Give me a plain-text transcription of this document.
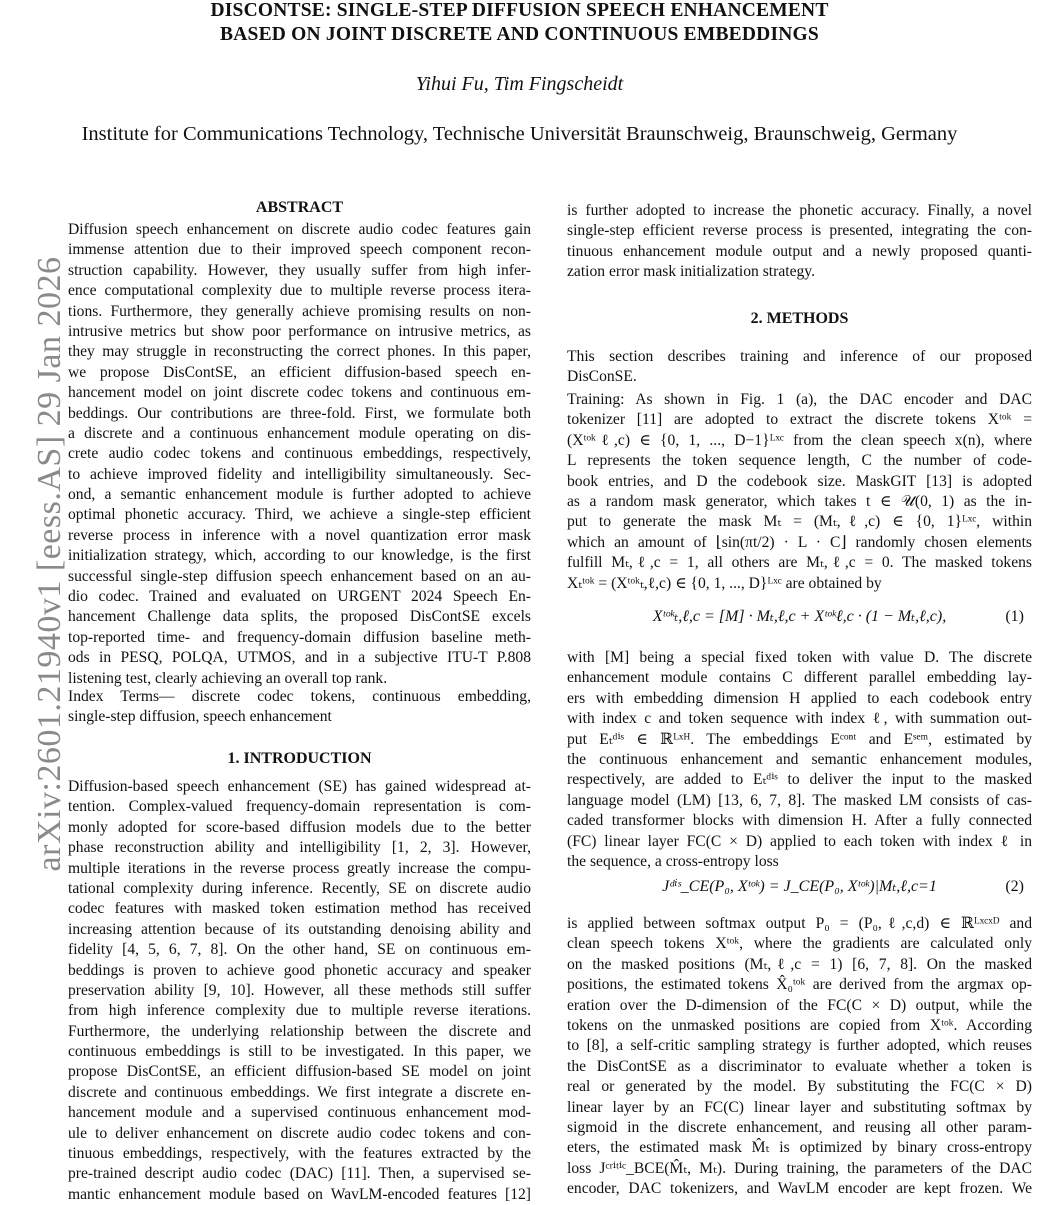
DISCONTSE: SINGLE-STEP DIFFUSION SPEECH ENHANCEMENT
BASED ON JOINT DISCRETE AND CONTINUOUS EMBEDDINGS
Yihui Fu, Tim Fingscheidt
Institute for Communications Technology, Technische Universität Braunschweig, Braunschweig, Germany
arXiv:2601.21940v1 [eess.AS] 29 Jan 2026
ABSTRACT
Diffusion speech enhancement on discrete audio codec features gain
immense attention due to their improved speech component recon-
struction capability. However, they usually suffer from high infer-
ence computational complexity due to multiple reverse process itera-
tions. Furthermore, they generally achieve promising results on non-
intrusive metrics but show poor performance on intrusive metrics, as
they may struggle in reconstructing the correct phones. In this paper,
we propose DisContSE, an efficient diffusion-based speech en-
hancement model on joint discrete codec tokens and continuous em-
beddings. Our contributions are three-fold. First, we formulate both
a discrete and a continuous enhancement module operating on dis-
crete audio codec tokens and continuous embeddings, respectively,
to achieve improved fidelity and intelligibility simultaneously. Sec-
ond, a semantic enhancement module is further adopted to achieve
optimal phonetic accuracy. Third, we achieve a single-step efficient
reverse process in inference with a novel quantization error mask
initialization strategy, which, according to our knowledge, is the first
successful single-step diffusion speech enhancement based on an au-
dio codec. Trained and evaluated on URGENT 2024 Speech En-
hancement Challenge data splits, the proposed DisContSE excels
top-reported time- and frequency-domain diffusion baseline meth-
ods in PESQ, POLQA, UTMOS, and in a subjective ITU-T P.808
listening test, clearly achieving an overall top rank.
Index Terms— discrete codec tokens, continuous embedding,
single-step diffusion, speech enhancement
1. INTRODUCTION
Diffusion-based speech enhancement (SE) has gained widespread at-
tention. Complex-valued frequency-domain representation is com-
monly adopted for score-based diffusion models due to the better
phase reconstruction ability and intelligibility [1, 2, 3]. However,
multiple iterations in the reverse process greatly increase the compu-
tational complexity during inference. Recently, SE on discrete audio
codec features with masked token estimation method has received
increasing attention because of its outstanding denoising ability and
fidelity [4, 5, 6, 7, 8]. On the other hand, SE on continuous em-
beddings is proven to achieve good phonetic accuracy and speaker
preservation ability [9, 10]. However, all these methods still suffer
from high inference complexity due to multiple reverse iterations.
Furthermore, the underlying relationship between the discrete and
continuous embeddings is still to be investigated. In this paper, we
propose DisContSE, an efficient diffusion-based SE model on joint
discrete and continuous embeddings. We first integrate a discrete en-
hancement module and a supervised continuous enhancement mod-
ule to deliver enhancement on discrete audio codec tokens and con-
tinuous embeddings, respectively, with the features extracted by the
pre-trained descript audio codec (DAC) [11]. Then, a supervised se-
mantic enhancement module based on WavLM-encoded features [12]
is further adopted to increase the phonetic accuracy. Finally, a novel
single-step efficient reverse process is presented, integrating the con-
tinuous enhancement module output and a newly proposed quanti-
zation error mask initialization strategy.
2. METHODS
This section describes training and inference of our proposed
DisConSE.
Training: As shown in Fig. 1 (a), the DAC encoder and DAC
tokenizer [11] are adopted to extract the discrete tokens Xᵗᵒᵏ =
(Xᵗᵒᵏℓ,c) ∈ {0, 1, ..., D−1}ᴸˣᶜ from the clean speech x(n), where
L represents the token sequence length, C the number of code-
book entries, and D the codebook size. MaskGIT [13] is adopted
as a random mask generator, which takes t ∈ 𝒰(0, 1) as the in-
put to generate the mask Mₜ = (Mₜ,ℓ,c) ∈ {0, 1}ᴸˣᶜ, within
which an amount of ⌊sin(πt/2) · L · C⌋ randomly chosen elements
fulfill Mₜ,ℓ,c = 1, all others are Mₜ,ℓ,c = 0. The masked tokens
Xₜᵗᵒᵏ = (Xᵗᵒᵏₜ,ℓ,c) ∈ {0, 1, ..., D}ᴸˣᶜ are obtained by
Xᵗᵒᵏₜ,ℓ,c = [M] · Mₜ,ℓ,c + Xᵗᵒᵏℓ,c · (1 − Mₜ,ℓ,c),	(1)
with [M] being a special fixed token with value D. The discrete
enhancement module contains C different parallel embedding lay-
ers with embedding dimension H applied to each codebook entry
with index c and token sequence with index ℓ, with summation out-
put Eₜᵈⁱˢ ∈ ℝᴸˣᴴ. The embeddings Eᶜᵒⁿᵗ and Eˢᵉᵐ, estimated by
the continuous enhancement and semantic enhancement modules,
respectively, are added to Eₜᵈⁱˢ to deliver the input to the masked
language model (LM) [13, 6, 7, 8]. The masked LM consists of cas-
caded transformer blocks with dimension H. After a fully connected
(FC) linear layer FC(C × D) applied to each token with index ℓ in
the sequence, a cross-entropy loss
Jᵈⁱˢ_CE(P₀, Xᵗᵒᵏ) = J_CE(P₀, Xᵗᵒᵏ)|Mₜ,ℓ,c=1	(2)
is applied between softmax output P₀ = (P₀,ℓ,c,d) ∈ ℝᴸˣᶜˣᴰ and
clean speech tokens Xᵗᵒᵏ, where the gradients are calculated only
on the masked positions (Mₜ,ℓ,c = 1) [6, 7, 8]. On the masked
positions, the estimated tokens X̂₀ᵗᵒᵏ are derived from the argmax op-
eration over the D-dimension of the FC(C × D) output, while the
tokens on the unmasked positions are copied from Xᵗᵒᵏ. According
to [8], a self-critic sampling strategy is further adopted, which reuses
the DisContSE as a discriminator to evaluate whether a token is
real or generated by the model. By substituting the FC(C × D)
linear layer by an FC(C) linear layer and substituting softmax by
sigmoid in the discrete enhancement, and reusing all other param-
eters, the estimated mask M̂ₜ is optimized by binary cross-entropy
loss Jᶜʳⁱᵗⁱᶜ_BCE(M̂ₜ, Mₜ). During training, the parameters of the DAC
encoder, DAC tokenizers, and WavLM encoder are kept frozen. We
